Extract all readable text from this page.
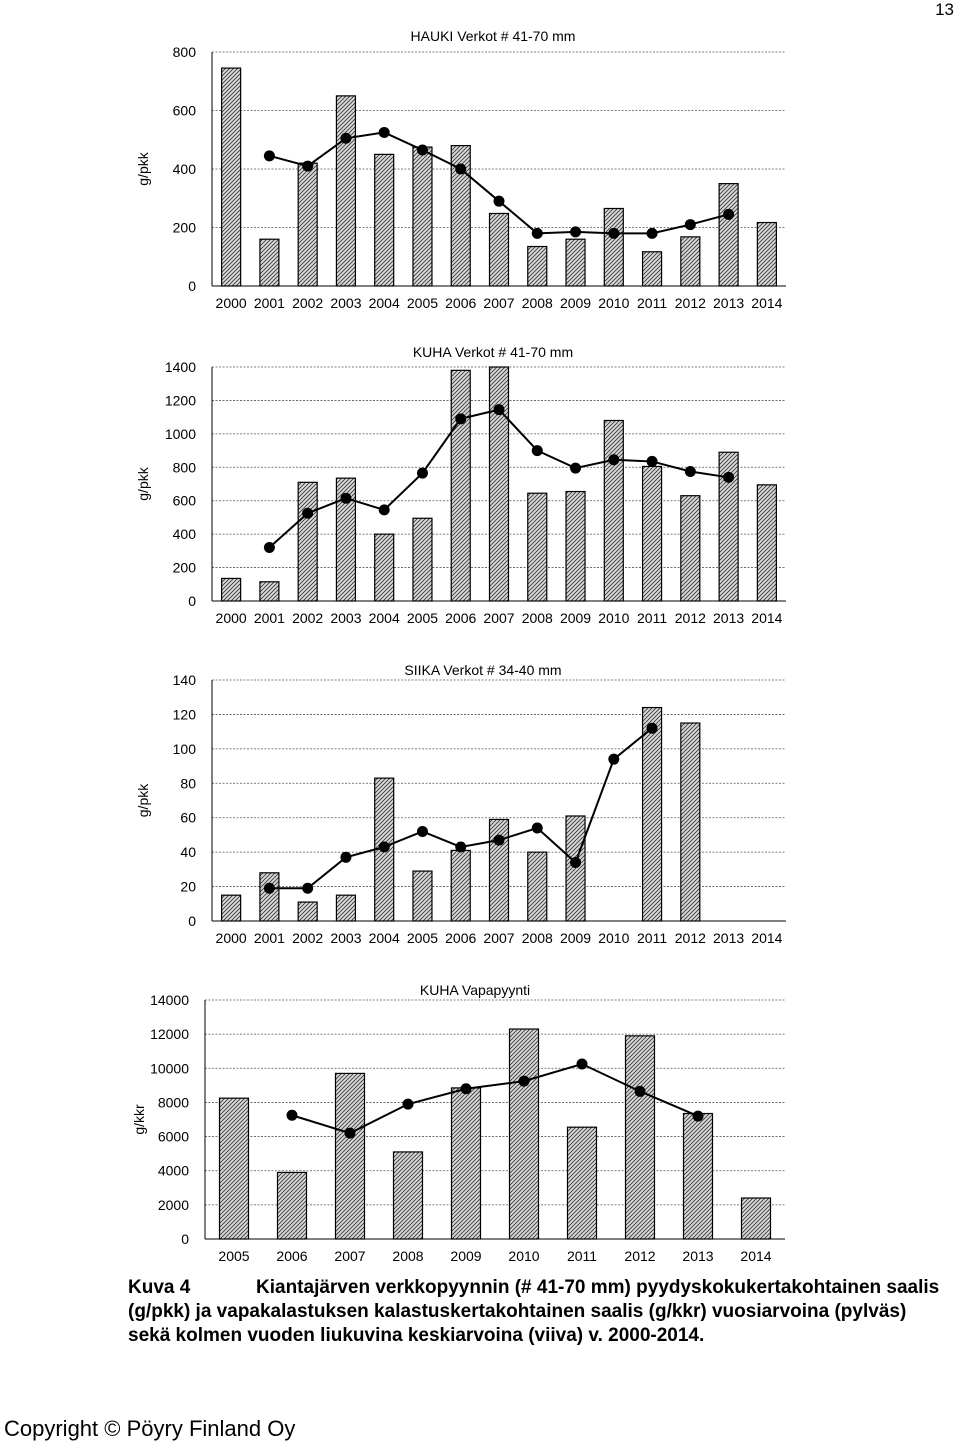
13
0
200
400
600
800
2000 2001 2002 2003 2004 2005 2006 2007 2008 2009 2010 2011 2012 2013 2014
HAUKI Verkot # 41-70 mm
g/pkk
0
200
400
600
800
1000
1200
1400
2000 2001 2002 2003 2004 2005 2006 2007 2008 2009 2010 2011 2012 2013 2014
KUHA Verkot # 41-70 mm
g/pkk
0
20
40
60
80
100
120
140
2000 2001 2002 2003 2004 2005 2006 2007 2008 2009 2010 2011 2012 2013 2014
SIIKA Verkot # 34-40 mm
g/pkk
0
2000
4000
6000
8000
10000
12000
14000
2005 2006 2007 2008 2009 2010 2011 2012 2013 2014
KUHA Vapapyynti
g/kkr
Kuva 4	Kiantajärven verkkopyynnin (# 41-70 mm) pyydyskokukertakohtainen saalis
(g/pkk) ja vapakalastuksen kalastuskertakohtainen saalis (g/kkr) vuosiarvoina (pylväs)
sekä kolmen vuoden liukuvina keskiarvoina (viiva) v. 2000-2014.
Copyright © Pöyry Finland Oy
